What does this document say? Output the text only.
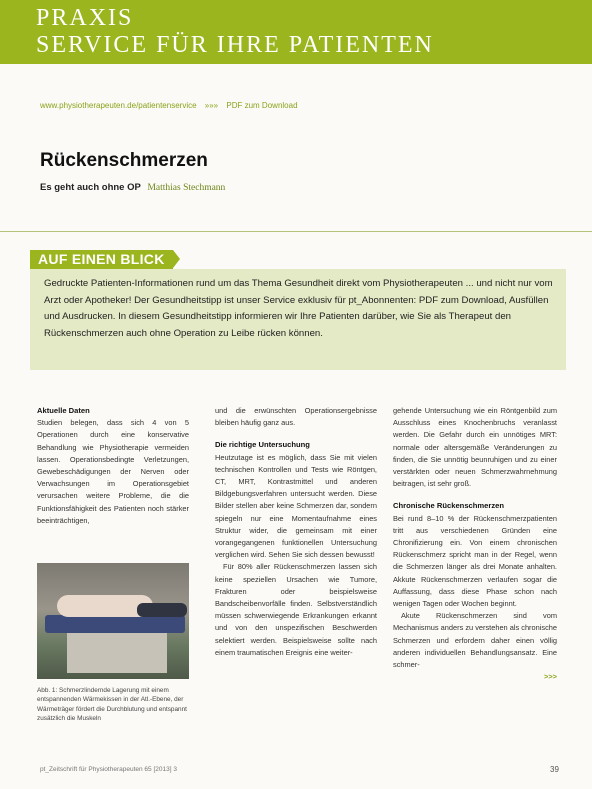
PRAXIS
SERVICE FÜR IHRE PATIENTEN
www.physiotherapeuten.de/patientenservice »»» PDF zum Download
Rückenschmerzen
Es geht auch ohne OP Matthias Stechmann
AUF EINEN BLICK
Gedruckte Patienten-Informationen rund um das Thema Gesundheit direkt vom Physiotherapeuten ... und nicht nur vom Arzt oder Apotheker! Der Gesundheitstipp ist unser Service exklusiv für pt_Abonnenten: PDF zum Download, Ausfüllen und Ausdrucken. In diesem Gesundheitstipp informieren wir Ihre Patienten darüber, wie Sie als Therapeut den Rückenschmerzen auch ohne Operation zu Leibe rücken können.
Aktuelle Daten

Studien belegen, dass sich 4 von 5 Operationen durch eine konservative Behandlung wie Physiotherapie vermeiden lassen. Operationsbedingte Verletzungen, Gewebeschädigungen der Nerven oder Verwachsungen im Operationsgebiet verursachen weitere Probleme, die die Funktionsfähigkeit des Patienten noch stärker beeinträchtigen,

Abb. 1: Schmerzlindernde Lagerung mit einem entspannenden Wärmekissen in der Atl.-Ebene, der Wärmeträger fördert die Durchblutung und entspannt zusätzlich die Muskeln

und die erwünschten Operationsergebnisse bleiben häufig ganz aus.

Die richtige Untersuchung

Heutzutage ist es möglich, dass Sie mit vielen technischen Kontrollen und Tests wie Röntgen, CT, MRT, Kontrastmittel und anderen Bildgebungsverfahren untersucht werden. Diese Bilder stellen aber keine Schmerzen dar, sondern spiegeln nur eine Momentaufnahme eines Struktur wider, die gemeinsam mit einer vorangegangenen funktionellen Untersuchung verglichen wird. Sehen Sie sich dessen bewusst!

Für 80% aller Rückenschmerzen lassen sich keine speziellen Ursachen wie Tumore, Frakturen oder beispielsweise Bandscheibenvorfälle finden. Selbstverständlich müssen schwerwiegende Erkrankungen erkannt und von den unspezifischen Beschwerden selektiert werden. Beispielsweise sollte nach einem traumatischen Ereignis eine weiter-

gehende Untersuchung wie ein Röntgenbild zum Ausschluss eines Knochenbruchs veranlasst werden. Die Gefahr durch ein unnötiges MRT: normale oder altersgemäße Veränderungen zu finden, die Sie unnötig beunruhigen und zu einer verstärkten oder neuen Schmerzwahrnehmung beitragen, ist sehr groß.

Chronische Rückenschmerzen

Bei rund 8–10 % der Rückenschmerzpatienten tritt aus verschiedenen Gründen eine Chronifizierung ein. Von einem chronischen Rückenschmerz spricht man in der Regel, wenn die Schmerzen länger als drei Monate anhalten. Akkute Rückenschmerzen verlaufen sogar die Auffassung, dass diese Phase schon nach wenigen Tagen oder Wochen beginnt.

Akute Rückenschmerzen sind vom Mechanismus anders zu verstehen als chronische Schmerzen und erfordern daher einen völlig anderen individuellen Behandlungsansatz. Eine schmer-

>>>
pt_Zeitschrift für Physiotherapeuten 65 [2013] 3	39
